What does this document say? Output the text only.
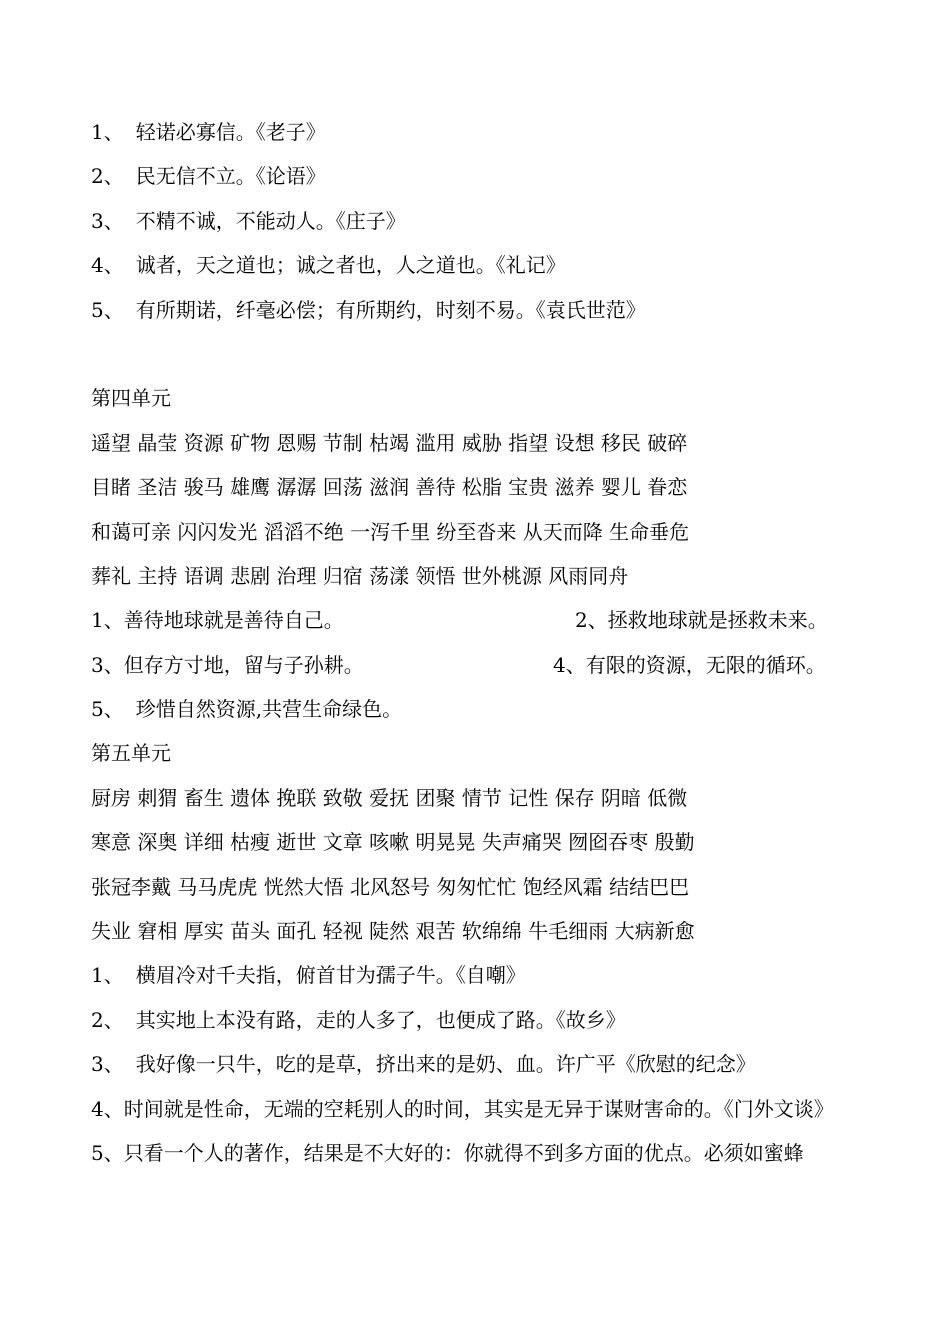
1、 轻诺必寡信。《老子》
2、 民无信不立。《论语》
3、 不精不诚，不能动人。《庄子》
4、 诚者，天之道也；诚之者也，人之道也。《礼记》
5、 有所期诺，纤毫必偿；有所期约，时刻不易。《袁氏世范》
第四单元
遥望 晶莹 资源 矿物 恩赐 节制 枯竭 滥用 威胁 指望 设想 移民 破碎
目睹 圣洁 骏马 雄鹰 潺潺 回荡 滋润 善待 松脂 宝贵 滋养 婴儿 眷恋
和蔼可亲 闪闪发光 滔滔不绝 一泻千里 纷至沓来 从天而降 生命垂危
葬礼 主持 语调 悲剧 治理 归宿 荡漾 领悟 世外桃源 风雨同舟
1、善待地球就是善待自己。	2、拯救地球就是拯救未来。
3、但存方寸地，留与子孙耕。	4、有限的资源，无限的循环。
5、 珍惜自然资源,共营生命绿色。
第五单元
厨房 刺猬 畜生 遗体 挽联 致敬 爱抚 团聚 情节 记性 保存 阴暗 低微
寒意 深奥 详细 枯瘦 逝世 文章 咳嗽 明晃晃 失声痛哭 囫囵吞枣 殷勤
张冠李戴 马马虎虎 恍然大悟 北风怒号 匆匆忙忙 饱经风霜 结结巴巴
失业 窘相 厚实 苗头 面孔 轻视 陡然 艰苦 软绵绵 牛毛细雨 大病新愈
1、 横眉冷对千夫指，俯首甘为孺子牛。《自嘲》
2、 其实地上本没有路，走的人多了，也便成了路。《故乡》
3、 我好像一只牛，吃的是草，挤出来的是奶、血。许广平《欣慰的纪念》
4、时间就是性命，无端的空耗别人的时间，其实是无异于谋财害命的。《门外文谈》
5、只看一个人的著作，结果是不大好的：你就得不到多方面的优点。必须如蜜蜂
